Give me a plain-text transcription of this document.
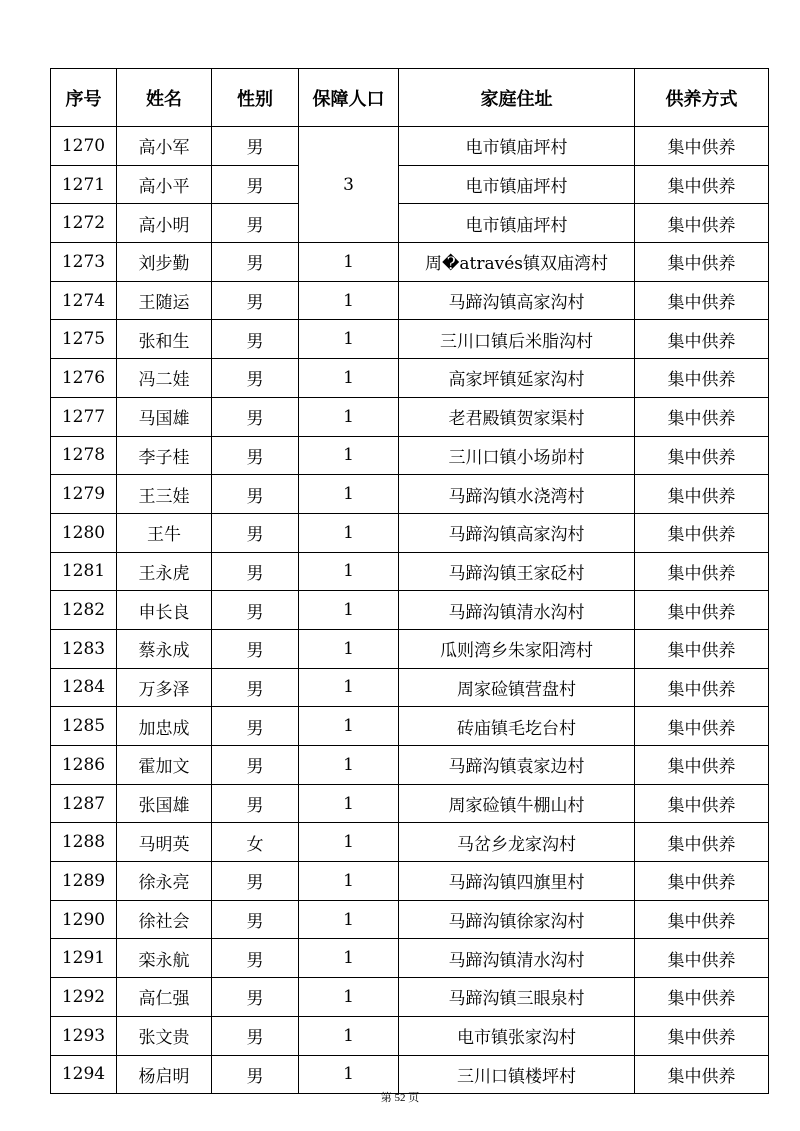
序号	姓名	性别	保障人口	家庭住址	供养方式
1270	高小军	男	3	电市镇庙坪村	集中供养
1271	高小平	男		电市镇庙坪村	集中供养
1272	高小明	男		电市镇庙坪村	集中供养
1273	刘步勤	男	1	周�através镇双庙湾村	集中供养
1274	王随运	男	1	马蹄沟镇高家沟村	集中供养
1275	张和生	男	1	三川口镇后米脂沟村	集中供养
1276	冯二娃	男	1	高家坪镇延家沟村	集中供养
1277	马国雄	男	1	老君殿镇贺家渠村	集中供养
1278	李子桂	男	1	三川口镇小场峁村	集中供养
1279	王三娃	男	1	马蹄沟镇水浇湾村	集中供养
1280	王牛	男	1	马蹄沟镇高家沟村	集中供养
1281	王永虎	男	1	马蹄沟镇王家砭村	集中供养
1282	申长良	男	1	马蹄沟镇清水沟村	集中供养
1283	蔡永成	男	1	瓜则湾乡朱家阳湾村	集中供养
1284	万多泽	男	1	周家硷镇营盘村	集中供养
1285	加忠成	男	1	砖庙镇毛圪台村	集中供养
1286	霍加文	男	1	马蹄沟镇袁家边村	集中供养
1287	张国雄	男	1	周家硷镇牛棚山村	集中供养
1288	马明英	女	1	马岔乡龙家沟村	集中供养
1289	徐永亮	男	1	马蹄沟镇四旗里村	集中供养
1290	徐社会	男	1	马蹄沟镇徐家沟村	集中供养
1291	栾永航	男	1	马蹄沟镇清水沟村	集中供养
1292	高仁强	男	1	马蹄沟镇三眼泉村	集中供养
1293	张文贵	男	1	电市镇张家沟村	集中供养
1294	杨启明	男	1	三川口镇楼坪村	集中供养
第 52 页
